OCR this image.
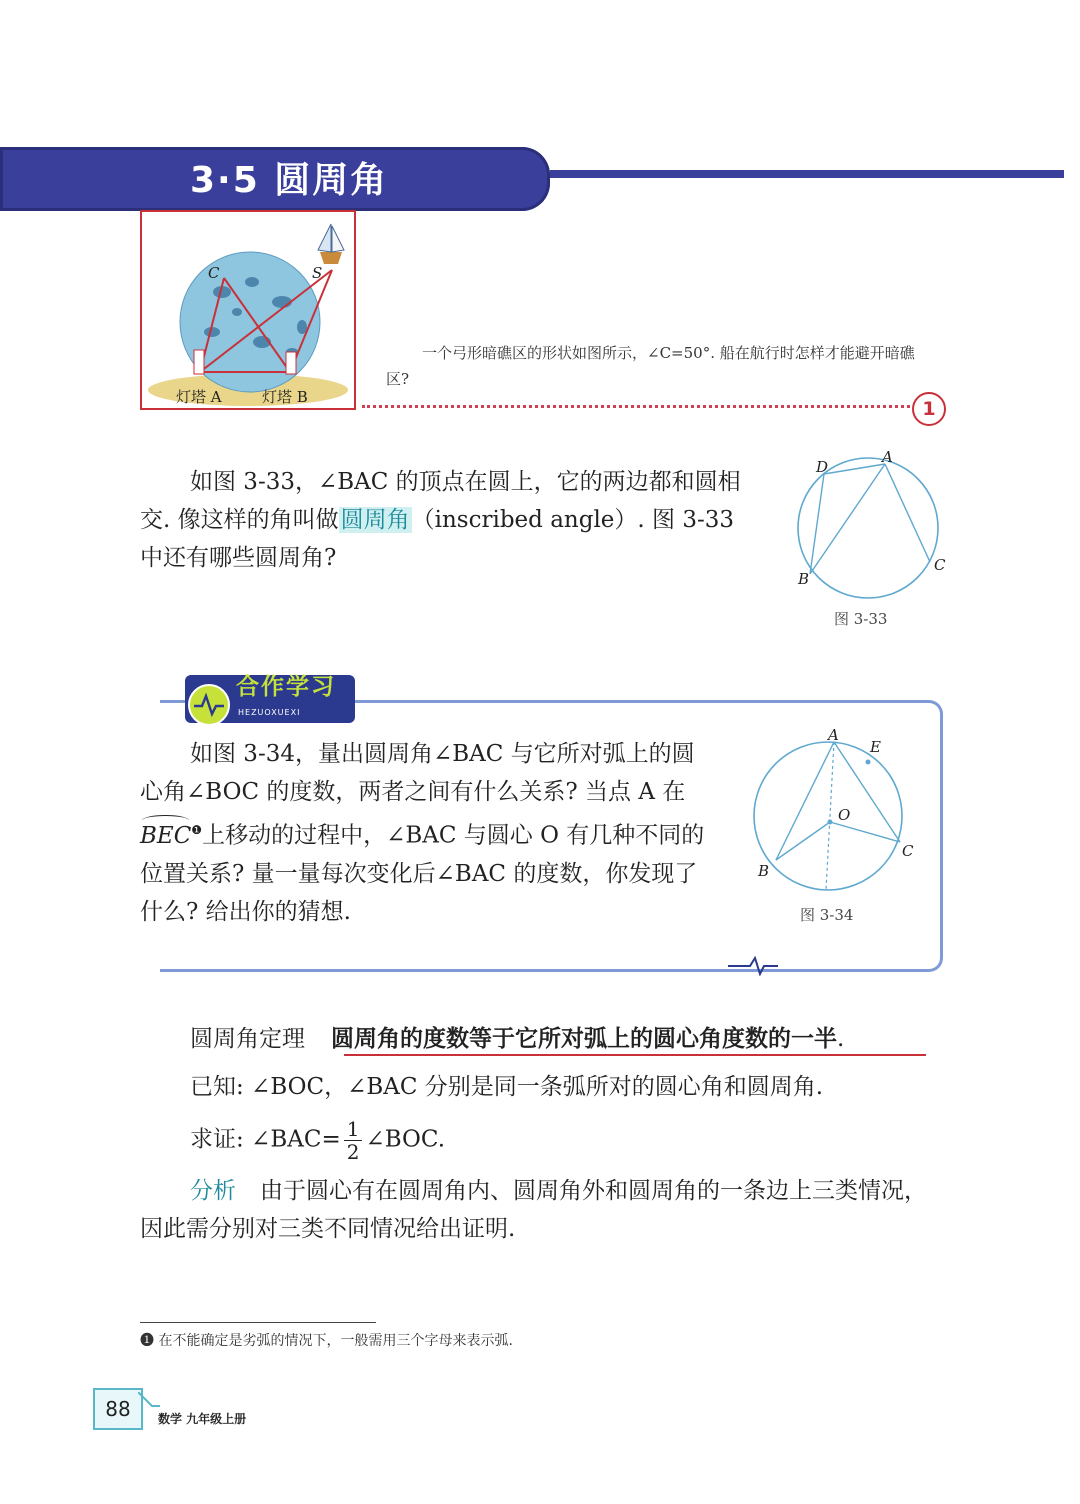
3·5 圆周角
C	S
灯塔 A	灯塔 B
一个弓形暗礁区的形状如图所示，∠C=50°. 船在航行时怎样才能避开暗礁区?
1
如图 3-33，∠BAC 的顶点在圆上，它的两边都和圆相交. 像这样的角叫做圆周角（inscribed angle）. 图 3-33 中还有哪些圆周角?
D
A
B
C
图 3-33
合作学习
HEZUOXUEXI
如图 3-34，量出圆周角∠BAC 与它所对弧上的圆
心角∠BOC 的度数，两者之间有什么关系? 当点 A 在
BEC$^❶$上移动的过程中，∠BAC 与圆心 O 有几种不同的
位置关系? 量一量每次变化后∠BAC 的度数，你发现了
什么? 给出你的猜想.
A
E
O
B
C
图 3-34
圆周角定理 圆周角的度数等于它所对弧上的圆心角度数的一半.
已知: ∠BOC，∠BAC 分别是同一条弧所对的圆心角和圆周角.
求证: ∠BAC= $\frac{1}{2}$ ∠BOC.
分析 由于圆心有在圆周角内、圆周角外和圆周角的一条边上三类情况，因此需分别对三类不同情况给出证明.
❶ 在不能确定是劣弧的情况下，一般需用三个字母来表示弧.
88	数学 九年级上册
